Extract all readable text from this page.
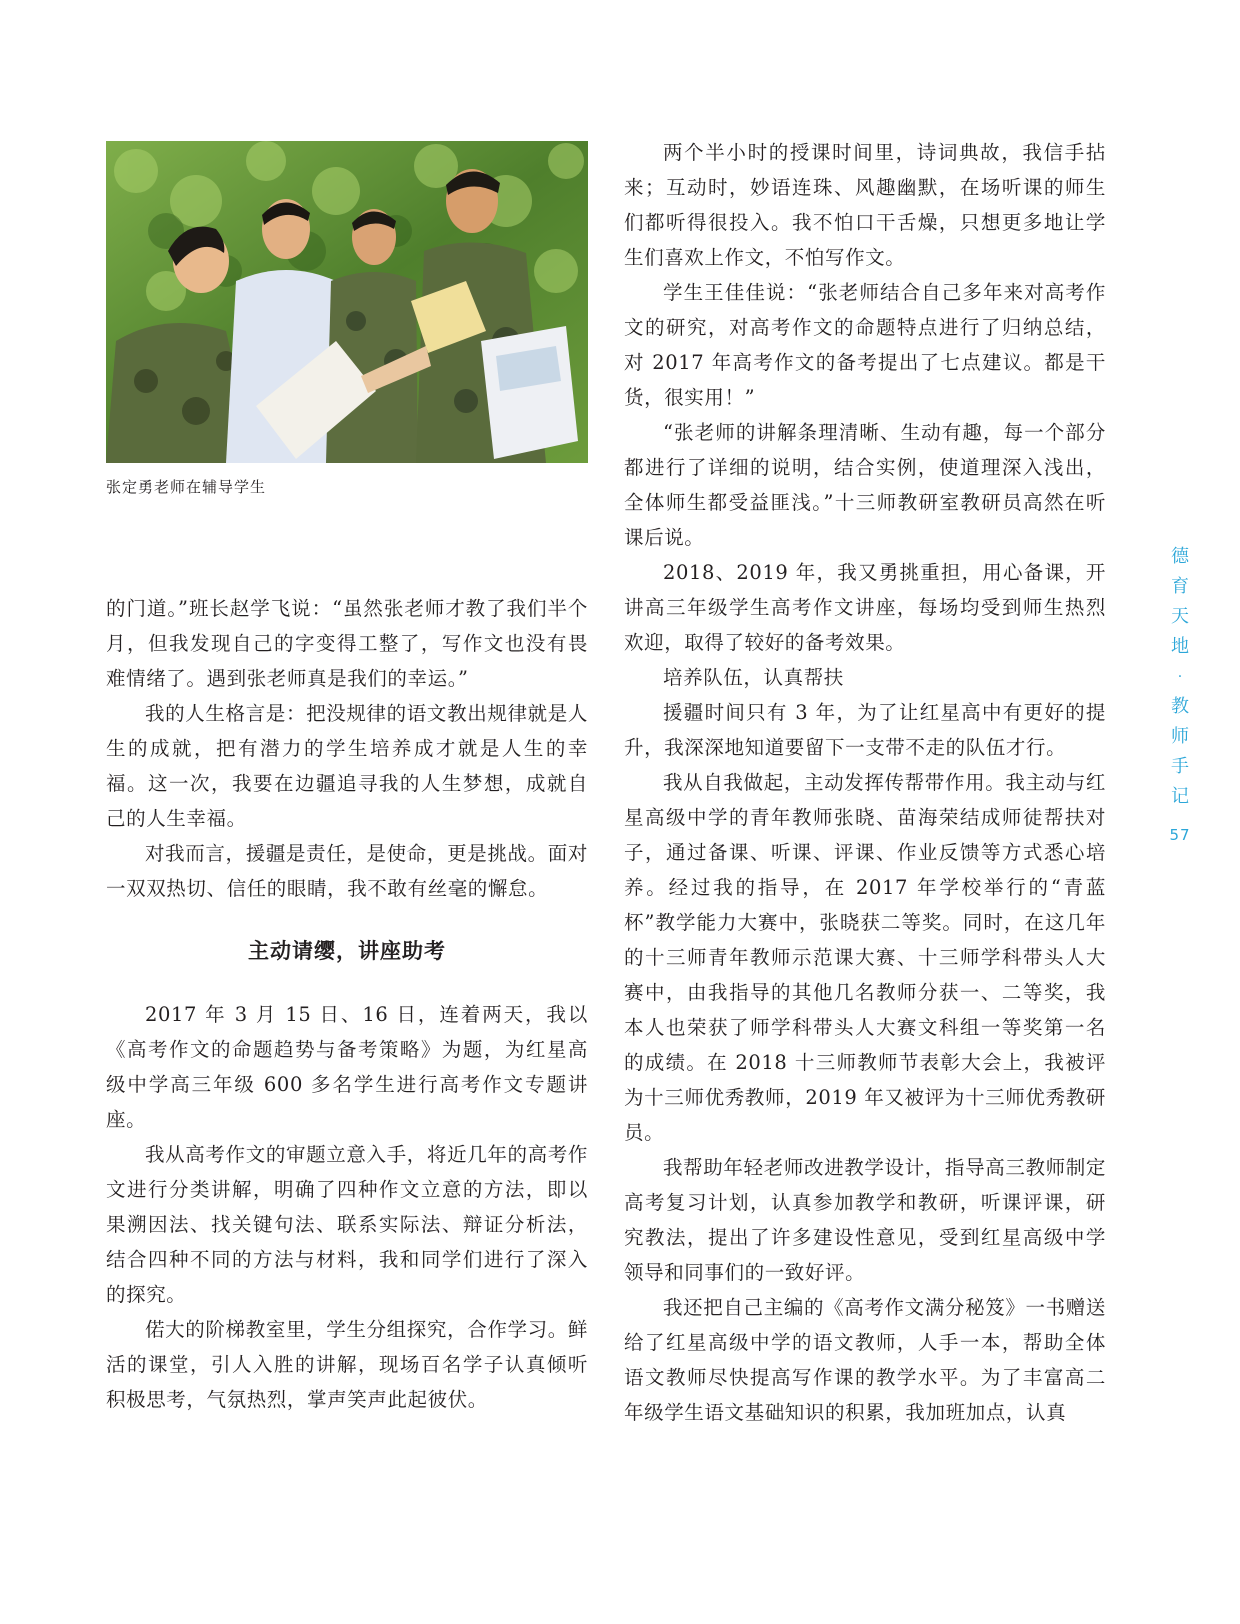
张定勇老师在辅导学生

的门道。”班长赵学飞说：“虽然张老师才教了我们半个月，但我发现自己的字变得工整了，写作文也没有畏难情绪了。遇到张老师真是我们的幸运。”

我的人生格言是：把没规律的语文教出规律就是人生的成就，把有潜力的学生培养成才就是人生的幸福。这一次，我要在边疆追寻我的人生梦想，成就自己的人生幸福。

对我而言，援疆是责任，是使命，更是挑战。面对一双双热切、信任的眼睛，我不敢有丝毫的懈怠。

主动请缨，讲座助考

2017 年 3 月 15 日、16 日，连着两天，我以《高考作文的命题趋势与备考策略》为题，为红星高级中学高三年级 600 多名学生进行高考作文专题讲座。

我从高考作文的审题立意入手，将近几年的高考作文进行分类讲解，明确了四种作文立意的方法，即以果溯因法、找关键句法、联系实际法、辩证分析法，结合四种不同的方法与材料，我和同学们进行了深入的探究。

偌大的阶梯教室里，学生分组探究，合作学习。鲜活的课堂，引人入胜的讲解，现场百名学子认真倾听积极思考，气氛热烈，掌声笑声此起彼伏。

两个半小时的授课时间里，诗词典故，我信手拈来；互动时，妙语连珠、风趣幽默，在场听课的师生们都听得很投入。我不怕口干舌燥，只想更多地让学生们喜欢上作文，不怕写作文。

学生王佳佳说：“张老师结合自己多年来对高考作文的研究，对高考作文的命题特点进行了归纳总结，对 2017 年高考作文的备考提出了七点建议。都是干货，很实用！”

“张老师的讲解条理清晰、生动有趣，每一个部分都进行了详细的说明，结合实例，使道理深入浅出，全体师生都受益匪浅。”十三师教研室教研员高然在听课后说。

2018、2019 年，我又勇挑重担，用心备课，开讲高三年级学生高考作文讲座，每场均受到师生热烈欢迎，取得了较好的备考效果。

培养队伍，认真帮扶

援疆时间只有 3 年，为了让红星高中有更好的提升，我深深地知道要留下一支带不走的队伍才行。

我从自我做起，主动发挥传帮带作用。我主动与红星高级中学的青年教师张晓、苗海荣结成师徒帮扶对子，通过备课、听课、评课、作业反馈等方式悉心培养。经过我的指导，在 2017 年学校举行的“青蓝杯”教学能力大赛中，张晓获二等奖。同时，在这几年的十三师青年教师示范课大赛、十三师学科带头人大赛中，由我指导的其他几名教师分获一、二等奖，我本人也荣获了师学科带头人大赛文科组一等奖第一名的成绩。在 2018 十三师教师节表彰大会上，我被评为十三师优秀教师，2019 年又被评为十三师优秀教研员。

我帮助年轻老师改进教学设计，指导高三教师制定高考复习计划，认真参加教学和教研，听课评课，研究教法，提出了许多建设性意见，受到红星高级中学领导和同事们的一致好评。

我还把自己主编的《高考作文满分秘笈》一书赠送给了红星高级中学的语文教师，人手一本，帮助全体语文教师尽快提高写作课的教学水平。为了丰富高二年级学生语文基础知识的积累，我加班加点，认真

德
育
天
地
·
教
师
手
记
57
